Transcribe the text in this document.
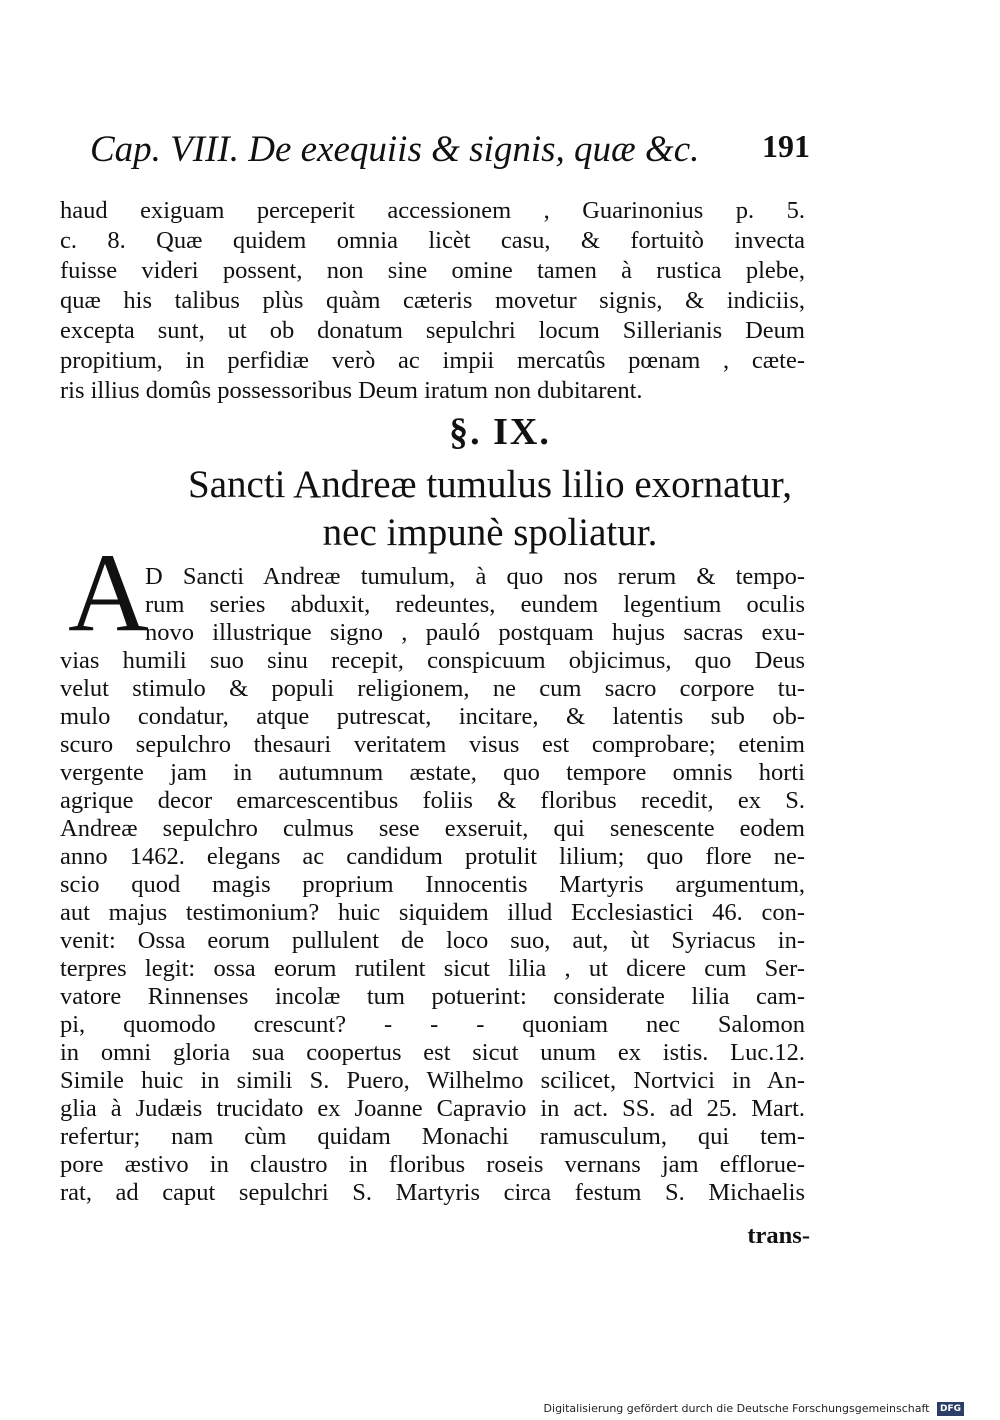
Cap. VIII. De exequiis & signis, quæ &c. 191
haud exiguam perceperit accessionem , Guarinonius p. 5.
c. 8. Quæ quidem omnia licèt casu, & fortuitò invecta
fuisse videri possent, non sine omine tamen à rustica plebe,
quæ his talibus plùs quàm cæteris movetur signis, & indiciis,
excepta sunt, ut ob donatum sepulchri locum Sillerianis Deum
propitium, in perfidiæ verò ac impii mercatûs pœnam , cæte-
ris illius domûs possessoribus Deum iratum non dubitarent.
§. IX.
Sancti Andreæ tumulus lilio exornatur,
nec impunè spoliatur.
A
D Sancti Andreæ tumulum, à quo nos rerum & tempo-
rum series abduxit, redeuntes, eundem legentium oculis
novo illustrique signo , pauló postquam hujus sacras exu-
vias humili suo sinu recepit, conspicuum objicimus, quo Deus
velut stimulo & populi religionem, ne cum sacro corpore tu-
mulo condatur, atque putrescat, incitare, & latentis sub ob-
scuro sepulchro thesauri veritatem visus est comprobare; etenim
vergente jam in autumnum æstate, quo tempore omnis horti
agrique decor emarcescentibus foliis & floribus recedit, ex S.
Andreæ sepulchro culmus sese exseruit, qui senescente eodem
anno 1462. elegans ac candidum protulit lilium; quo flore ne-
scio quod magis proprium Innocentis Martyris argumentum,
aut majus testimonium? huic siquidem illud Ecclesiastici 46. con-
venit: Ossa eorum pullulent de loco suo, aut, ùt Syriacus in-
terpres legit: ossa eorum rutilent sicut lilia , ut dicere cum Ser-
vatore Rinnenses incolæ tum potuerint: considerate lilia cam-
pi, quomodo crescunt? - - - quoniam nec Salomon
in omni gloria sua coopertus est sicut unum ex istis. Luc.12.
Simile huic in simili S. Puero, Wilhelmo scilicet, Nortvici in An-
glia à Judæis trucidato ex Joanne Capravio in act. SS. ad 25. Mart.
refertur; nam cùm quidam Monachi ramusculum, qui tem-
pore æstivo in claustro in floribus roseis vernans jam effloruе-
rat, ad caput sepulchri S. Martyris circa festum S. Michaelis
trans-
Digitalisierung gefördert durch die Deutsche Forschungsgemeinschaft DFG
